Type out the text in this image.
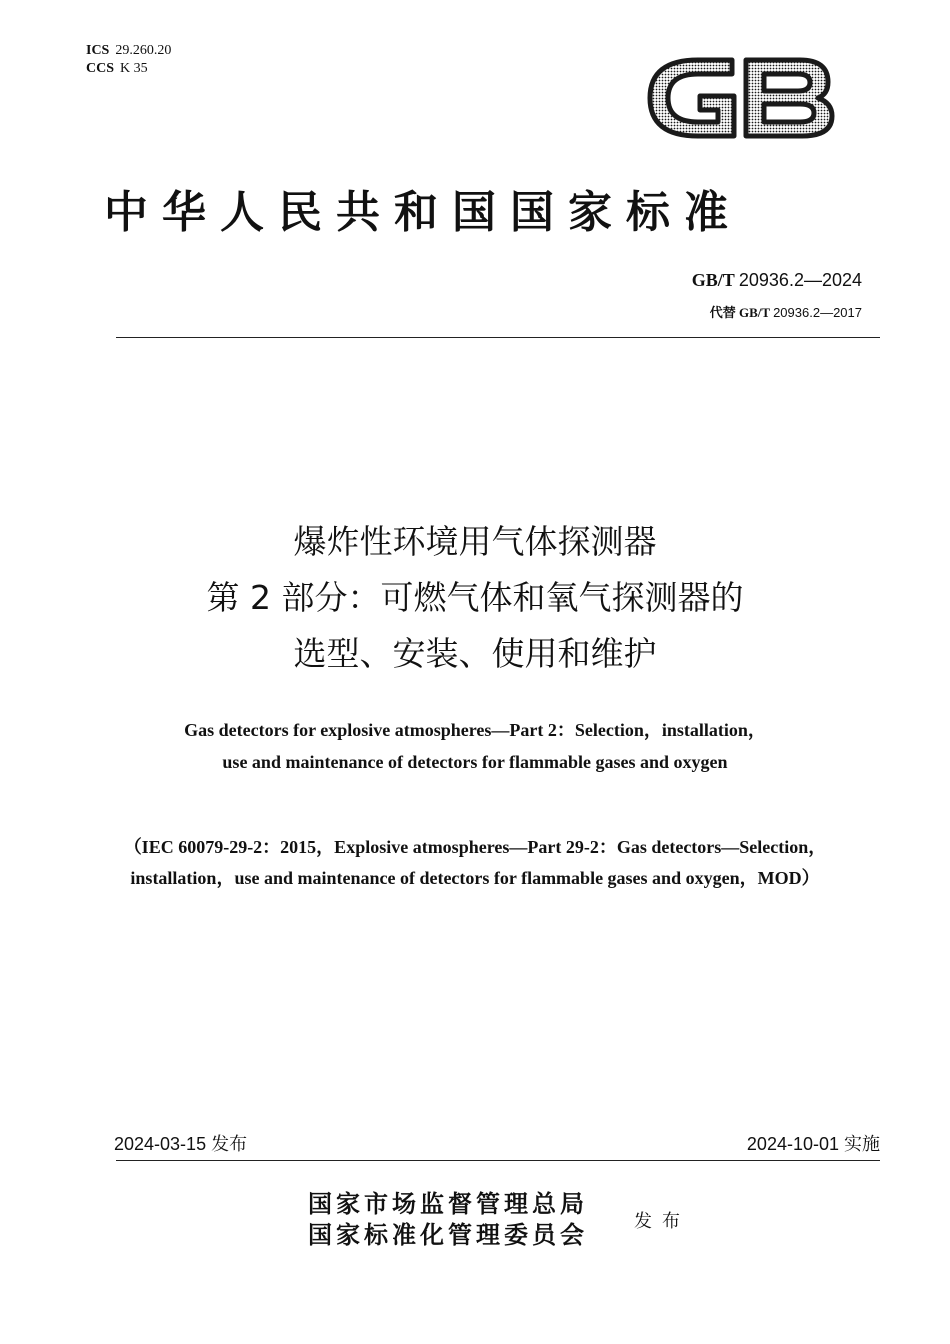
ICS 29.260.20
CCS K 35
中华人民共和国国家标准
GB/T 20936.2—2024
代替 GB/T 20936.2—2017
爆炸性环境用气体探测器
第 2 部分：可燃气体和氧气探测器的
选型、安装、使用和维护
Gas detectors for explosive atmospheres—Part 2：Selection，installation，
use and maintenance of detectors for flammable gases and oxygen
（IEC 60079-29-2：2015，Explosive atmospheres—Part 29-2：Gas detectors—Selection，
installation，use and maintenance of detectors for flammable gases and oxygen，MOD）
2024-03-15 发布	2024-10-01 实施
国家市场监督管理总局
国家标准化管理委员会	发布
